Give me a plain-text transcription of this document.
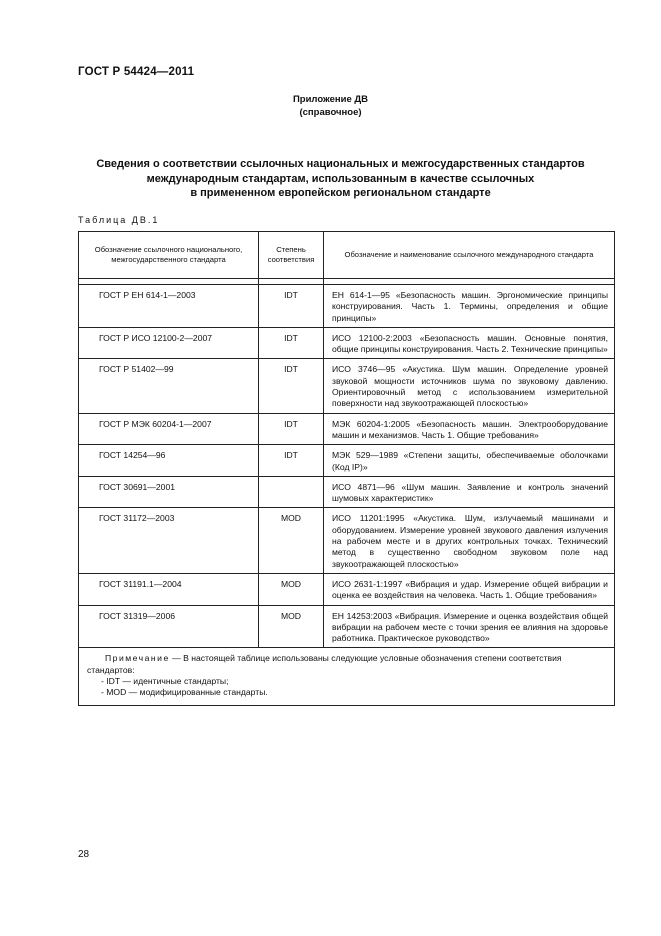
ГОСТ Р 54424—2011
Приложение ДВ
(справочное)
Сведения о соответствии ссылочных национальных и межгосударственных стандартов
международным стандартам, использованным в качестве ссылочных
в примененном европейском региональном стандарте
Таблица ДВ.1
Обозначение ссылочного национального, межгосударственного стандарта	Степень соответствия	Обозначение и наименование ссылочного международного стандарта

ГОСТ Р ЕН 614-1—2003	IDT	ЕН 614-1—95 «Безопасность машин. Эргономические принципы конструирования. Часть 1. Термины, определения и общие принципы»
ГОСТ Р ИСО 12100-2—2007	IDT	ИСО 12100-2:2003 «Безопасность машин. Основные понятия, общие принципы конструирования. Часть 2. Технические принципы»
ГОСТ Р 51402—99	IDT	ИСО 3746—95 «Акустика. Шум машин. Определение уровней звуковой мощности источников шума по звуковому давлению. Ориентировочный метод с использованием измерительной поверхности над звукоотражающей плоскостью»
ГОСТ Р МЭК 60204-1—2007	IDT	МЭК 60204-1:2005 «Безопасность машин. Электрооборудование машин и механизмов. Часть 1. Общие требования»
ГОСТ 14254—96	IDT	МЭК 529—1989 «Степени защиты, обеспечиваемые оболочками (Код IP)»
ГОСТ 30691—2001		ИСО 4871—96 «Шум машин. Заявление и контроль значений шумовых характеристик»
ГОСТ 31172—2003	MOD	ИСО 11201:1995 «Акустика. Шум, излучаемый машинами и оборудованием. Измерение уровней звукового давления излучения на рабочем месте и в других контрольных точках. Технический метод в существенно свободном звуковом поле над звукоотражающей плоскостью»
ГОСТ 31191.1—2004	MOD	ИСО 2631-1:1997 «Вибрация и удар. Измерение общей вибрации и оценка ее воздействия на человека. Часть 1. Общие требования»
ГОСТ 31319—2006	MOD	ЕН 14253:2003 «Вибрация. Измерение и оценка воздействия общей вибрации на рабочем месте с точки зрения ее влияния на здоровье работника. Практическое руководство»

Примечание — В настоящей таблице использованы следующие условные обозначения степени соответствия стандартов:
- IDT — идентичные стандарты;
- MOD — модифицированные стандарты.		
28
